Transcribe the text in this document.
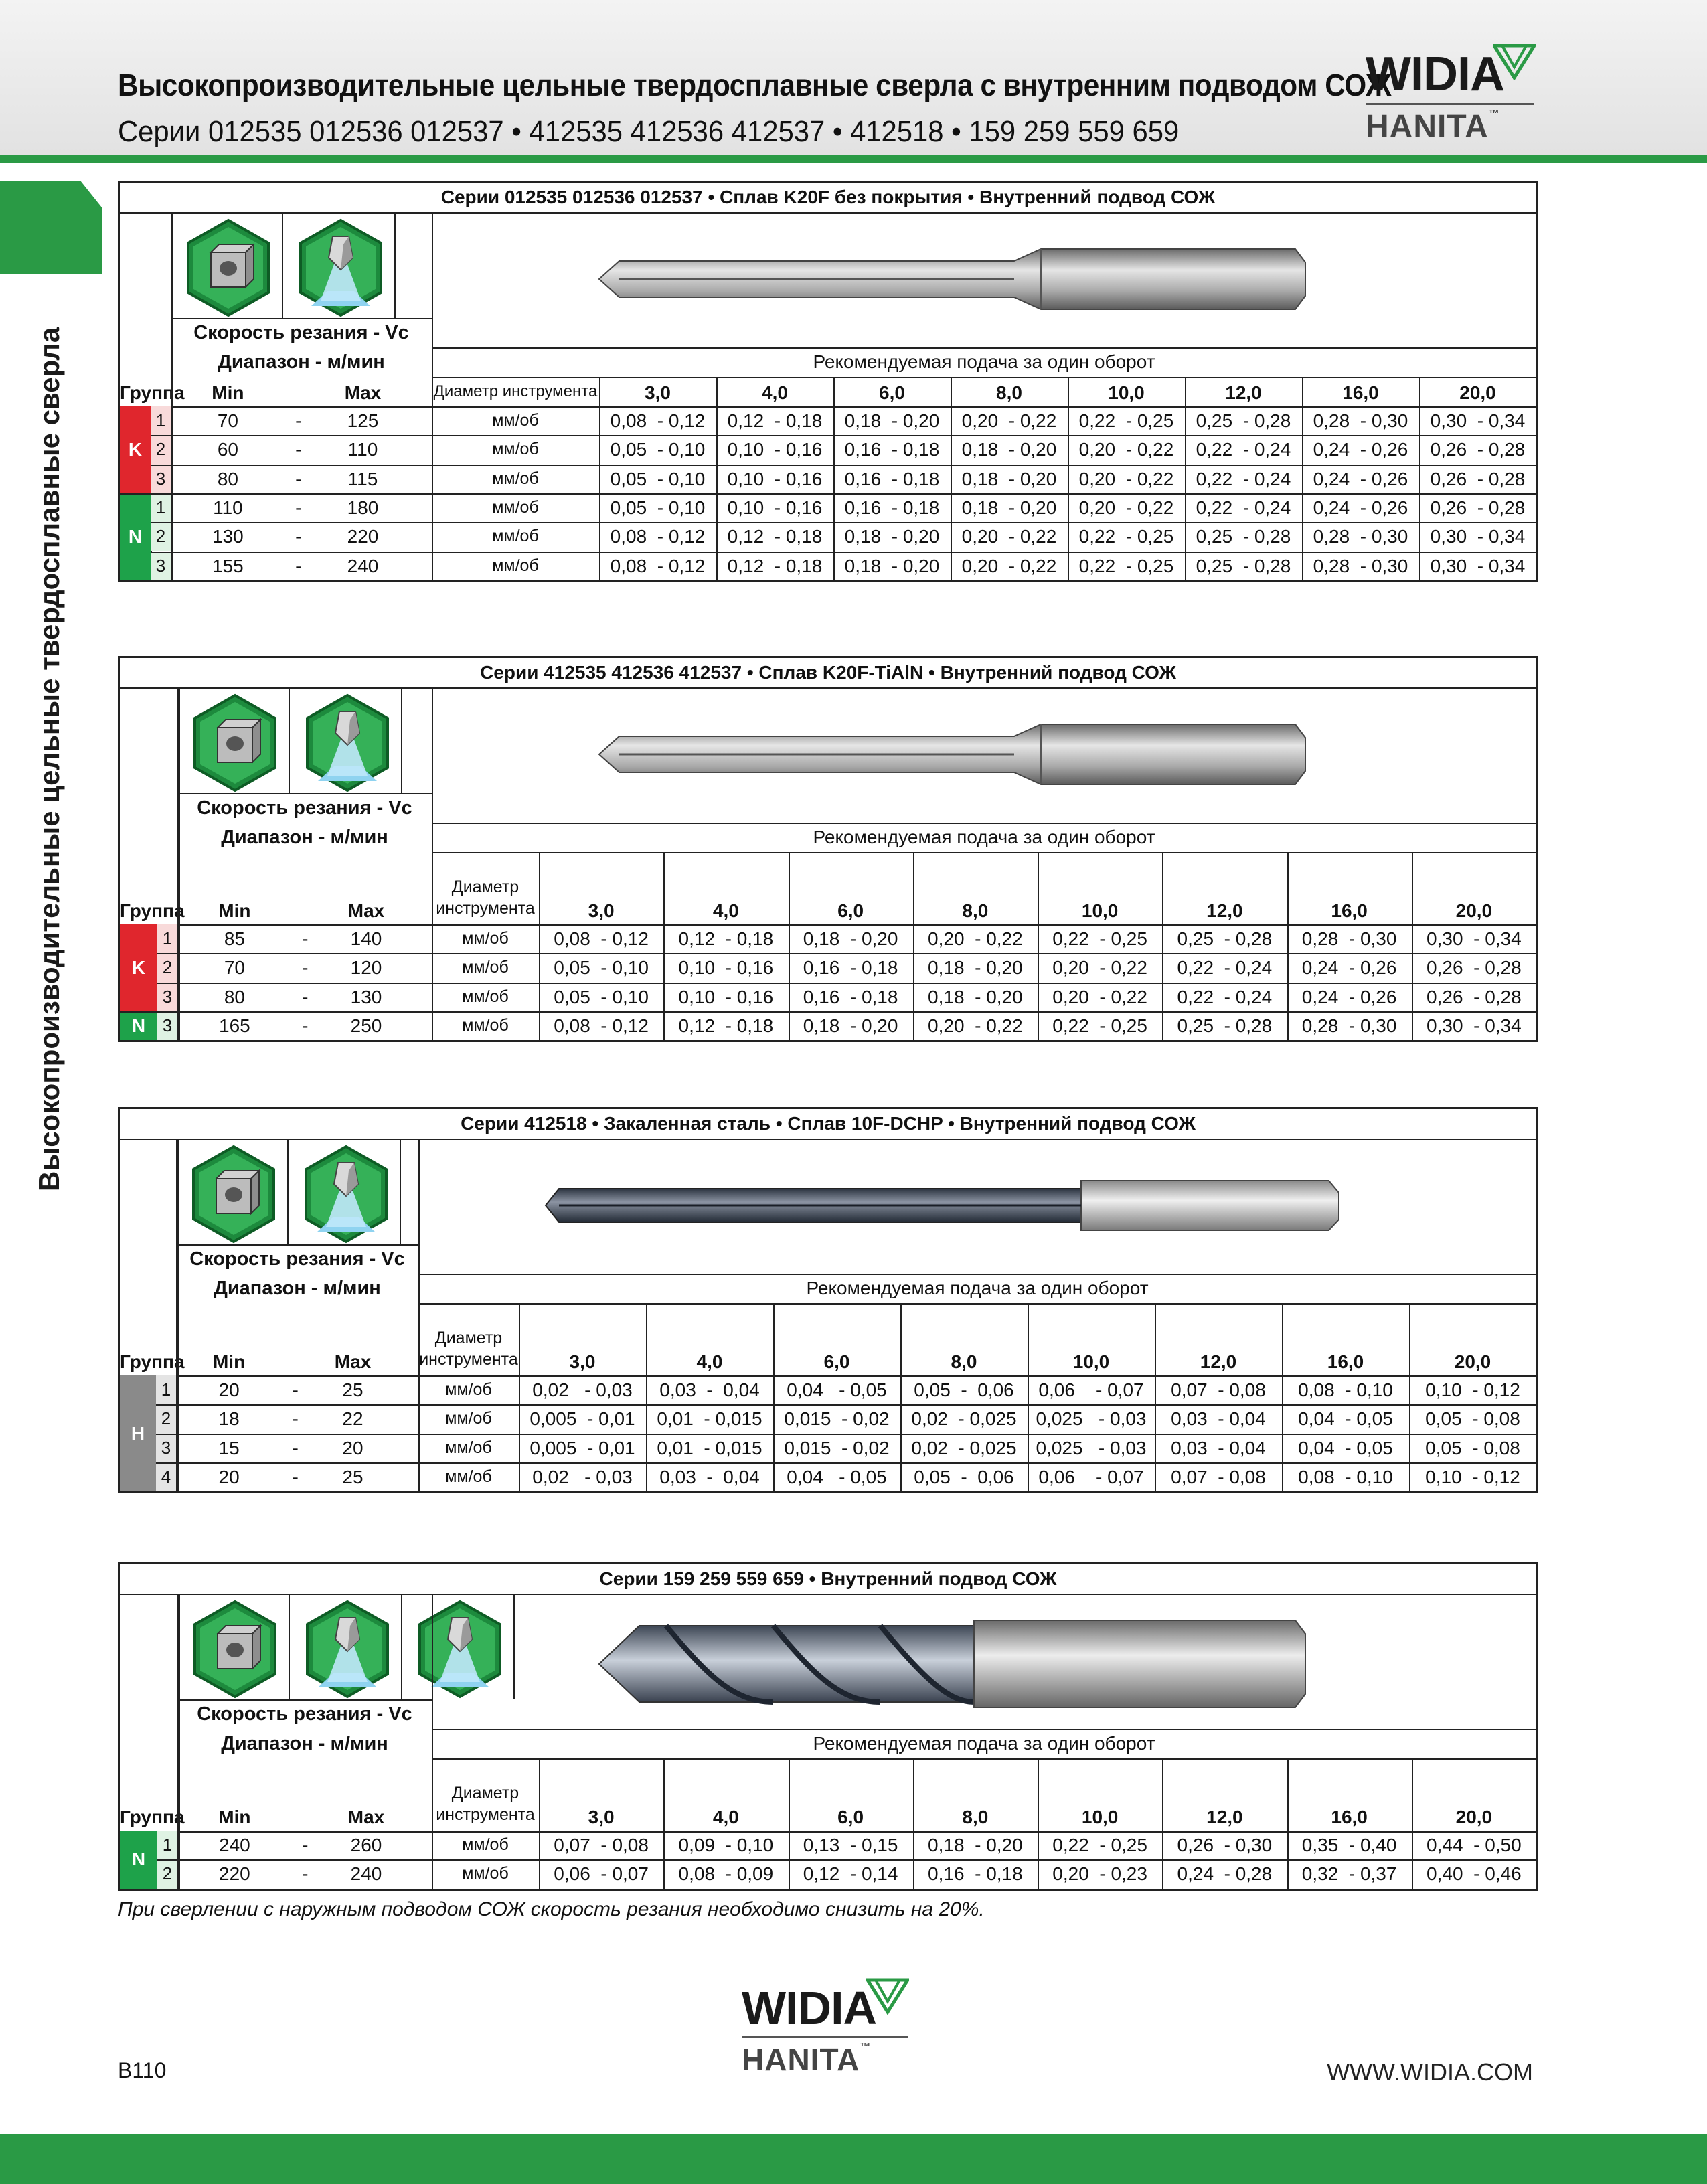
Высокопроизводительные цельные твердосплавные сверла с внутренним подводом СОЖ
Серии 012535 012536 012537 • 412535 412536 412537 • 412518 • 159 259 559 659
WIDIA
HANITA™
Высокопроизводительные цельные твердосплавные сверла
Серии 012535 012536 012537 • Сплав K20F без покрытия • Внутренний подвод СОЖ
Скорость резания - Vc
Диапазон - м/мин	Рекомендуемая подача за один оборот
Группа	Min	Max	Диаметр инструмента	3,0	4,0	6,0	8,0	10,0	12,0	16,0	20,0
K
1	70	-	125	мм/об	0,08  - 0,12	0,12  - 0,18	0,18  - 0,20	0,20  - 0,22	0,22  - 0,25	0,25  - 0,28	0,28  - 0,30	0,30  - 0,34
2	60	-	110	мм/об	0,05  - 0,10	0,10  - 0,16	0,16  - 0,18	0,18  - 0,20	0,20  - 0,22	0,22  - 0,24	0,24  - 0,26	0,26  - 0,28
3	80	-	115	мм/об	0,05  - 0,10	0,10  - 0,16	0,16  - 0,18	0,18  - 0,20	0,20  - 0,22	0,22  - 0,24	0,24  - 0,26	0,26  - 0,28
N
1	110	-	180	мм/об	0,05  - 0,10	0,10  - 0,16	0,16  - 0,18	0,18  - 0,20	0,20  - 0,22	0,22  - 0,24	0,24  - 0,26	0,26  - 0,28
2	130	-	220	мм/об	0,08  - 0,12	0,12  - 0,18	0,18  - 0,20	0,20  - 0,22	0,22  - 0,25	0,25  - 0,28	0,28  - 0,30	0,30  - 0,34
3	155	-	240	мм/об	0,08  - 0,12	0,12  - 0,18	0,18  - 0,20	0,20  - 0,22	0,22  - 0,25	0,25  - 0,28	0,28  - 0,30	0,30  - 0,34
Серии 412535 412536 412537 • Сплав K20F-TiAlN • Внутренний подвод СОЖ
Скорость резания - Vc
Диапазон - м/мин	Рекомендуемая подача за один оборот
Группа	Min	Max
Диаметр
инструмента	3,0	4,0	6,0	8,0	10,0	12,0	16,0	20,0
K
1	85	-	140	мм/об	0,08  - 0,12	0,12  - 0,18	0,18  - 0,20	0,20  - 0,22	0,22  - 0,25	0,25  - 0,28	0,28  - 0,30	0,30  - 0,34
2	70	-	120	мм/об	0,05  - 0,10	0,10  - 0,16	0,16  - 0,18	0,18  - 0,20	0,20  - 0,22	0,22  - 0,24	0,24  - 0,26	0,26  - 0,28
3	80	-	130	мм/об	0,05  - 0,10	0,10  - 0,16	0,16  - 0,18	0,18  - 0,20	0,20  - 0,22	0,22  - 0,24	0,24  - 0,26	0,26  - 0,28
N 3	165	-	250	мм/об	0,08  - 0,12	0,12  - 0,18	0,18  - 0,20	0,20  - 0,22	0,22  - 0,25	0,25  - 0,28	0,28  - 0,30	0,30  - 0,34
Серии 412518 • Закаленная сталь • Сплав 10F-DCHP • Внутренний подвод СОЖ
Скорость резания - Vc
Диапазон - м/мин	Рекомендуемая подача за один оборот
Группа	Min	Max
Диаметр
инструмента	3,0	4,0	6,0	8,0	10,0	12,0	16,0	20,0
H
1	20	-	25	мм/об	0,02   - 0,03	0,03  -  0,04	0,04   - 0,05	0,05  -  0,06	0,06    - 0,07	0,07  - 0,08	0,08  - 0,10	0,10  - 0,12
2	18	-	22	мм/об	0,005  - 0,01	0,01  - 0,015	0,015  - 0,02	0,02  - 0,025	0,025   - 0,03	0,03  - 0,04	0,04  - 0,05	0,05  - 0,08
3	15	-	20	мм/об	0,005  - 0,01	0,01  - 0,015	0,015  - 0,02	0,02  - 0,025	0,025   - 0,03	0,03  - 0,04	0,04  - 0,05	0,05  - 0,08
4	20	-	25	мм/об	0,02   - 0,03	0,03  -  0,04	0,04   - 0,05	0,05  -  0,06	0,06    - 0,07	0,07  - 0,08	0,08  - 0,10	0,10  - 0,12
Серии 159 259 559 659 • Внутренний подвод СОЖ
Скорость резания - Vc
Диапазон - м/мин	Рекомендуемая подача за один оборот
Группа	Min	Max
Диаметр
инструмента	3,0	4,0	6,0	8,0	10,0	12,0	16,0	20,0
N
1	240	-	260	мм/об	0,07  - 0,08	0,09  - 0,10	0,13  - 0,15	0,18  - 0,20	0,22  - 0,25	0,26  - 0,30	0,35  - 0,40	0,44  - 0,50
2	220	-	240	мм/об	0,06  - 0,07	0,08  - 0,09	0,12  - 0,14	0,16  - 0,18	0,20  - 0,23	0,24  - 0,28	0,32  - 0,37	0,40  - 0,46
При сверлении с наружным подводом СОЖ скорость резания необходимо снизить на 20%.
B110
WIDIA
HANITA™
WWW.WIDIA.COM
